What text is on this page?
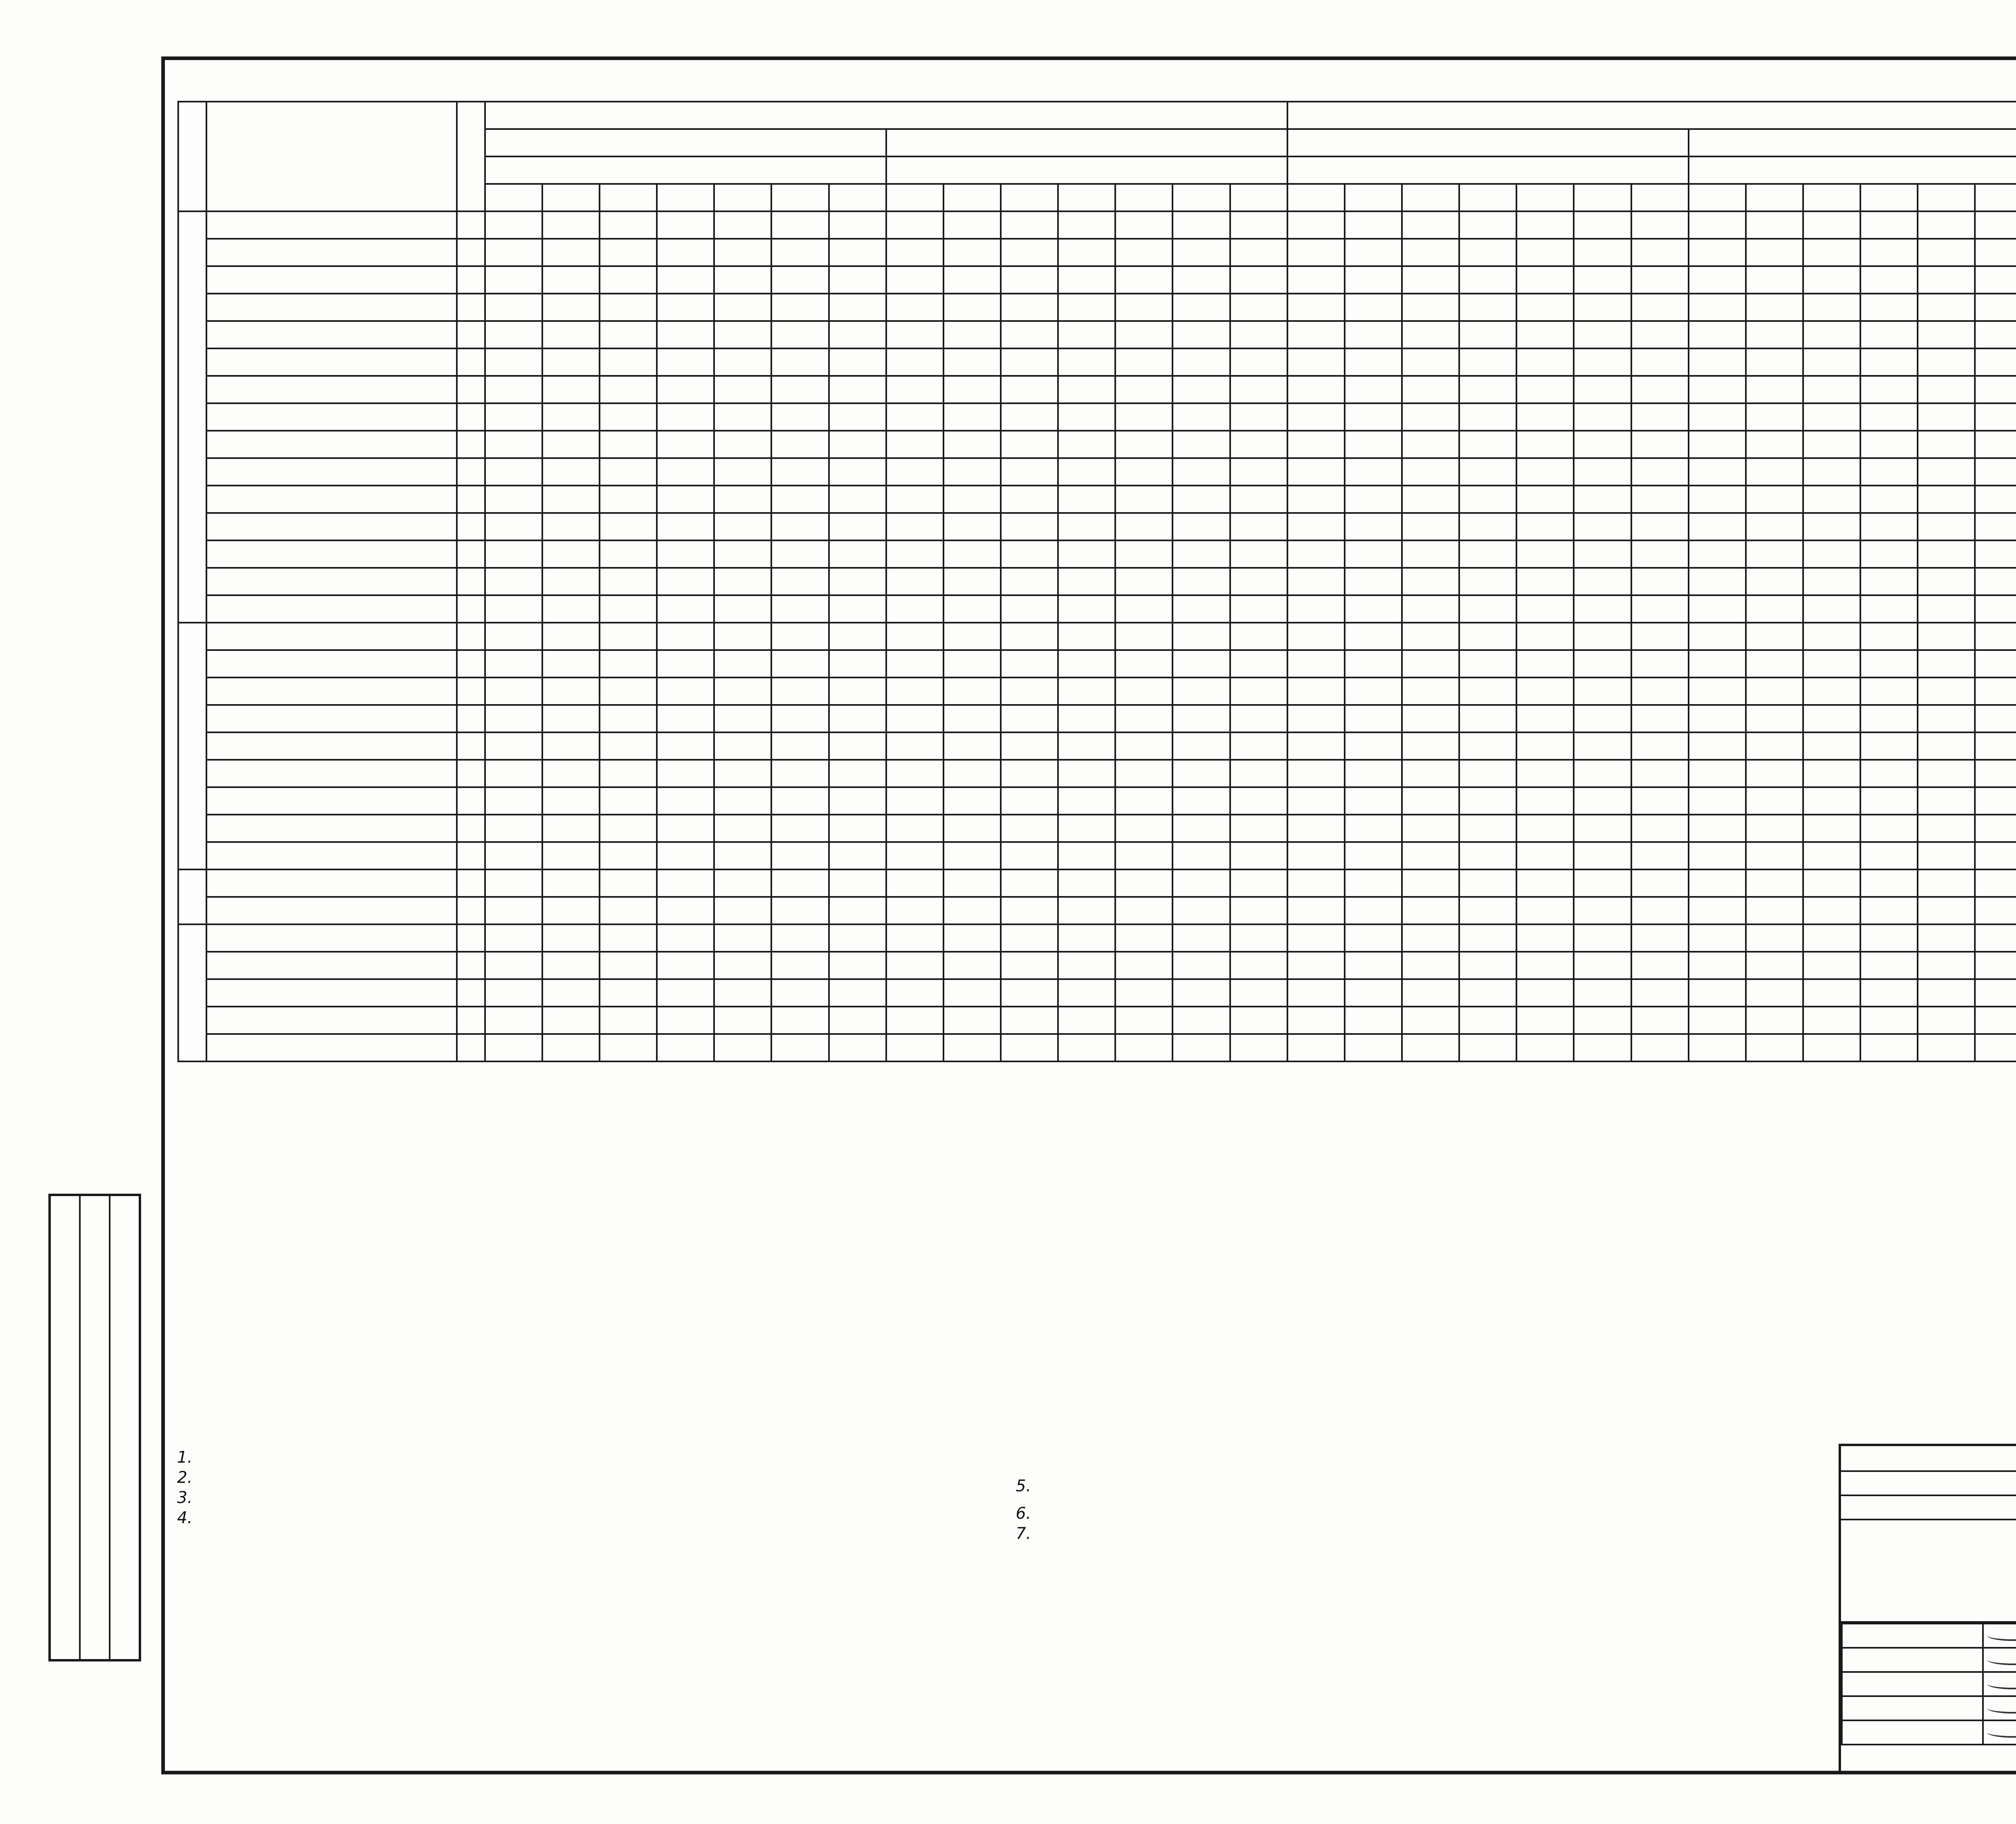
1.
2.
3.
4.
5.
6.
7.
